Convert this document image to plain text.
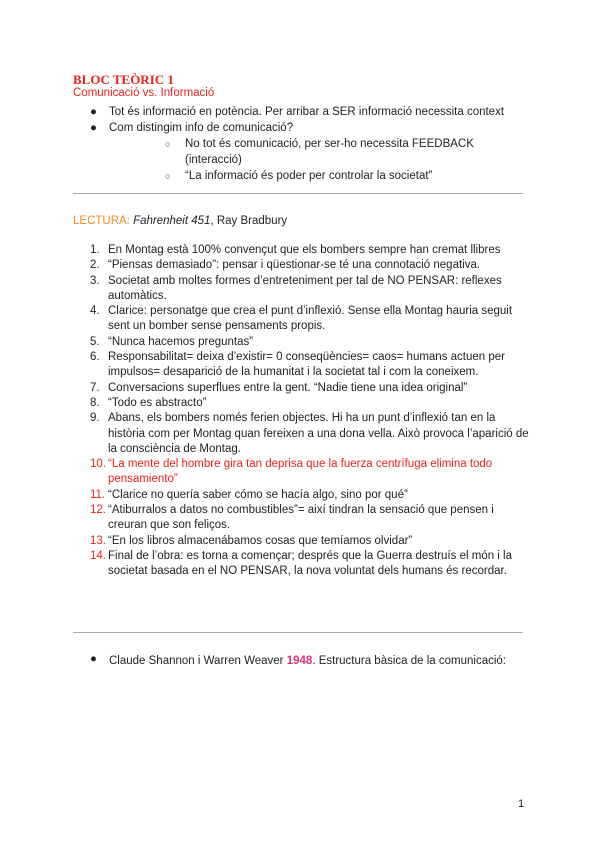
BLOC TEÒRIC 1
Comunicació vs. Informació
● Tot és informació en potència. Per arribar a SER informació necessita context
● Com distingim info de comunicació?
○ No tot és comunicació, per ser-ho necessita FEEDBACK (interacció)
○ “La informació és poder per controlar la societat”
LECTURA: Fahrenheit 451, Ray Bradbury
1. En Montag està 100% convençut que els bombers sempre han cremat llibres
2. “Piensas demasiado”: pensar i qüestionar-se té una connotació negativa.
3. Societat amb moltes formes d’entreteniment per tal de NO PENSAR: reflexes automàtics.
4. Clarice: personatge que crea el punt d’inflexió. Sense ella Montag hauria seguit sent un bomber sense pensaments propis.
5. “Nunca hacemos preguntas”
6. Responsabilitat= deixa d’existir= 0 conseqüències= caos= humans actuen per impulsos= desaparició de la humanitat i la societat tal i com la coneixem.
7. Conversacions superflues entre la gent. “Nadie tiene una idea original”
8. “Todo es abstracto”
9. Abans, els bombers només ferien objectes. Hi ha un punt d’inflexió tan en la història com per Montag quan fereixen a una dona vella. Això provoca l’aparició de la consciència de Montag.
10. “La mente del hombre gira tan deprisa que la fuerza centrífuga elimina todo pensamiento”
11. “Clarice no quería saber cómo se hacía algo, sino por qué”
12. “Atiburralos a datos no combustibles”= així tindran la sensació que pensen i creuran que son feliços.
13. “En los libros almacenábamos cosas que temíamos olvidar”
14. Final de l’obra: es torna a començar; després que la Guerra destruís el món i la societat basada en el NO PENSAR, la nova voluntat dels humans és recordar.
●	Claude Shannon i Warren Weaver 1948. Estructura bàsica de la comunicació:
1
